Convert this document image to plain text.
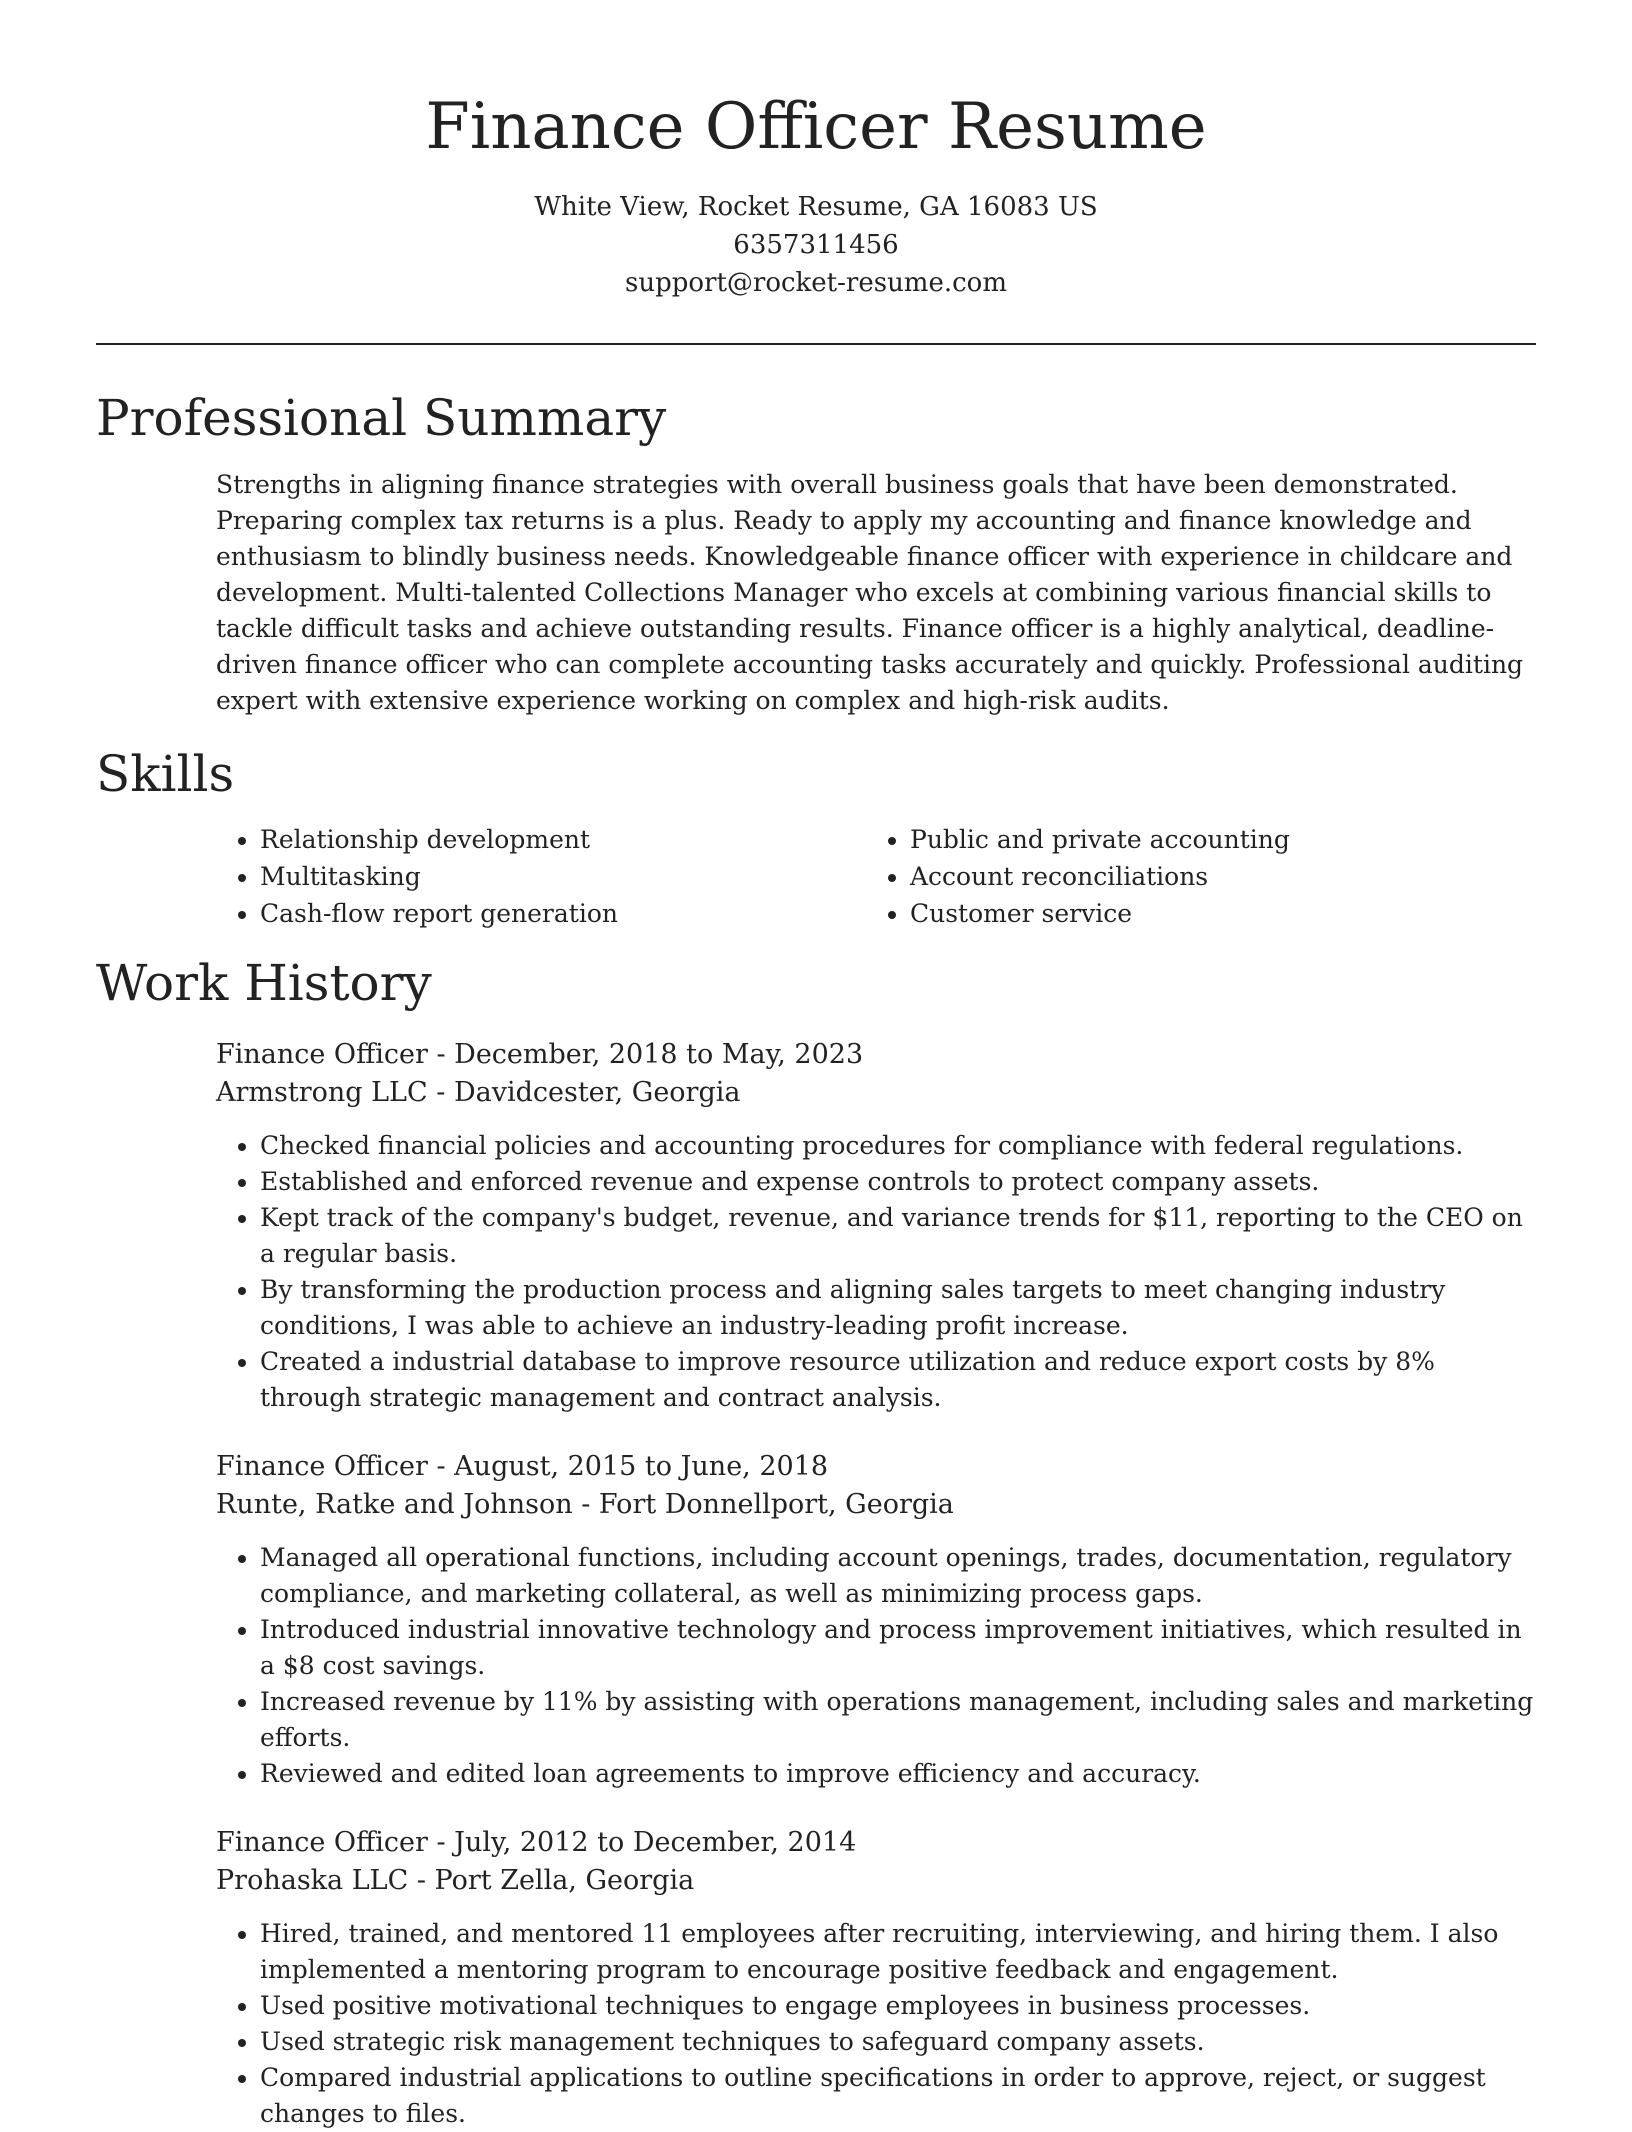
Finance Officer Resume
White View, Rocket Resume, GA 16083 US
6357311456
support@rocket-resume.com
Professional Summary

Strengths in aligning finance strategies with overall business goals that have been demonstrated. Preparing complex tax returns is a plus. Ready to apply my accounting and finance knowledge and enthusiasm to blindly business needs. Knowledgeable finance officer with experience in childcare and development. Multi-talented Collections Manager who excels at combining various financial skills to tackle difficult tasks and achieve outstanding results. Finance officer is a highly analytical, deadline-driven finance officer who can complete accounting tasks accurately and quickly. Professional auditing expert with extensive experience working on complex and high-risk audits.

Skills
• Relationship development
• Multitasking
• Cash-flow report generation
• Public and private accounting
• Account reconciliations
• Customer service
Work History
Finance Officer - December, 2018 to May, 2023
Armstrong LLC - Davidcester, Georgia
• Checked financial policies and accounting procedures for compliance with federal regulations.
• Established and enforced revenue and expense controls to protect company assets.
• Kept track of the company's budget, revenue, and variance trends for $11, reporting to the CEO on a regular basis.
• By transforming the production process and aligning sales targets to meet changing industry conditions, I was able to achieve an industry-leading profit increase.
• Created a industrial database to improve resource utilization and reduce export costs by 8% through strategic management and contract analysis.
Finance Officer - August, 2015 to June, 2018
Runte, Ratke and Johnson - Fort Donnellport, Georgia
• Managed all operational functions, including account openings, trades, documentation, regulatory compliance, and marketing collateral, as well as minimizing process gaps.
• Introduced industrial innovative technology and process improvement initiatives, which resulted in a $8 cost savings.
• Increased revenue by 11% by assisting with operations management, including sales and marketing efforts.
• Reviewed and edited loan agreements to improve efficiency and accuracy.
Finance Officer - July, 2012 to December, 2014
Prohaska LLC - Port Zella, Georgia
• Hired, trained, and mentored 11 employees after recruiting, interviewing, and hiring them. I also implemented a mentoring program to encourage positive feedback and engagement.
• Used positive motivational techniques to engage employees in business processes.
• Used strategic risk management techniques to safeguard company assets.
• Compared industrial applications to outline specifications in order to approve, reject, or suggest changes to files.
